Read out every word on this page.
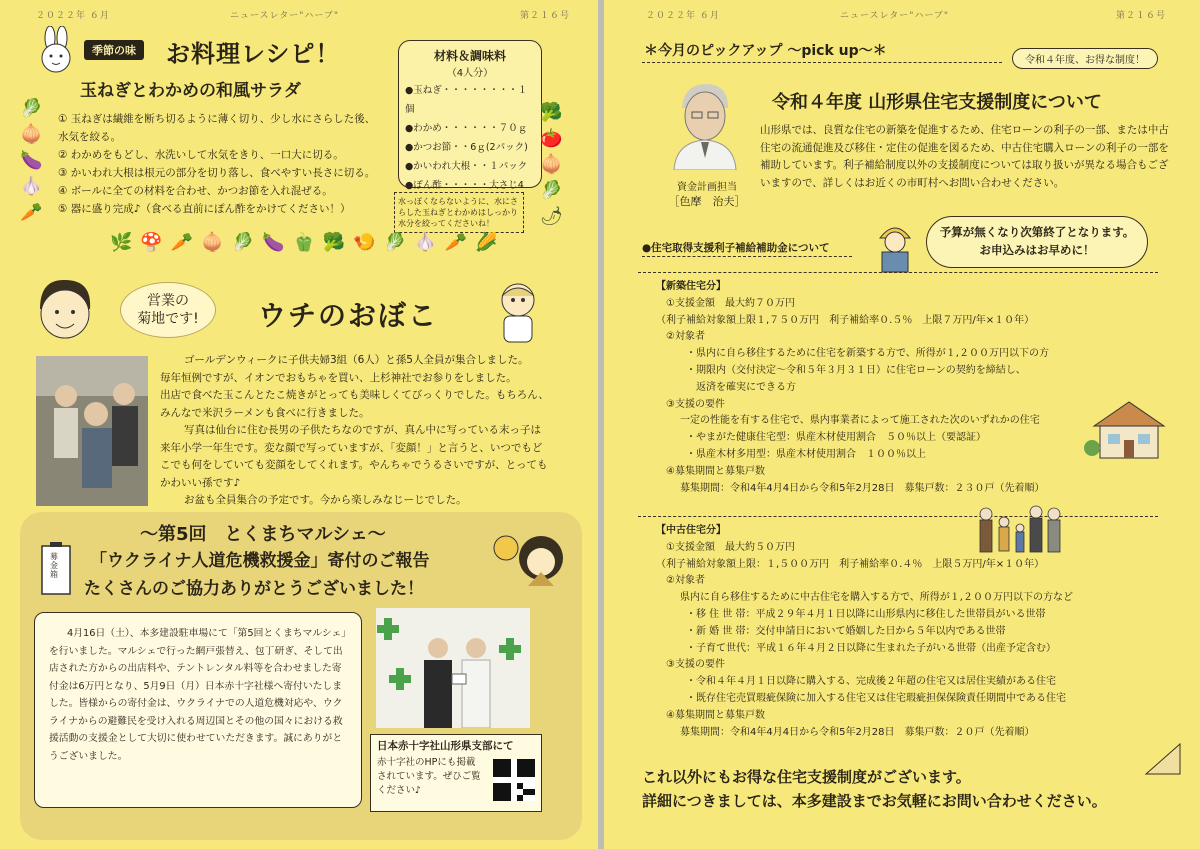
２０２２年 ６月	ニュースレター"ハーブ"	第２１６号
季節の味	お料理レシピ！
玉ねぎとわかめの和風サラダ
① 玉ねぎは繊維を断ち切るように薄く切り、少し水にさらした後、
水気を絞る。
② わかめをもどし、水洗いして水気をきり、一口大に切る。
③ かいわれ大根は根元の部分を切り落し、食べやすい長さに切る。
④ ボールに全ての材料を合わせ、かつお節を入れ混ぜる。
⑤ 器に盛り完成♪（食べる直前にぽん酢をかけてください！）
材料＆調味料
（4人分）
●玉ねぎ・・・・・・・・１個
●わかめ・・・・・・７０ｇ
●かつお節・・6ｇ(2パック)
●かいわれ大根・・１パック
●ぽん酢・・・・・大さじ4
水っぽくならないように、水にさらした玉ねぎとわかめはしっかり水分を絞ってくださいね！
🥬
🧅
🍆
🧄
🥕
🥦
🍅
🧅
🥬
🌶
🌿🍄🥕🧅🥬🍆🫑🥦🍤🥬🧄🥕🌽
営業の
菊地です!	ウチのおぼこ
ゴールデンウィークに子供夫婦3組（6人）と孫5人全員が集合しました。
毎年恒例ですが、イオンでおもちゃを買い、上杉神社でお参りをしました。
出店で食べた玉こんとたこ焼きがとっても美味しくてびっくりでした。もちろん、みんなで米沢ラーメンも食べに行きました。
写真は仙台に住む長男の子供たちなのですが、真ん中に写っている末っ子は来年小学一年生です。変な顔で写っていますが、「変顔！」と言うと、いつでもどこでも何をしていても変顔をしてくれます。やんちゃでうるさいですが、とってもかわいい孫です♪
お盆も全員集合の予定です。今から楽しみなじーじでした。
～第5回　とくまちマルシェ～
「ウクライナ人道危機救援金」寄付のご報告
たくさんのご協力ありがとうございました！
募金箱
4月16日（土）、本多建設駐車場にて「第5回とくまちマルシェ」を行いました。マルシェで行った網戸張替え、包丁研ぎ、そして出店された方からの出店料や、テントレンタル料等を合わせました寄付金は6万円となり、5月9日（月）日本赤十字社様へ寄付いたしました。皆様からの寄付金は、ウクライナでの人道危機対応や、ウクライナからの避難民を受け入れる周辺国とその他の国々における救援活動の支援金として大切に使わせていただきます。誠にありがとうございました。
日本赤十字社山形県支部にて
赤十字社のHPにも掲載されています。ぜひご覧ください♪
２０２２年 ６月	ニュースレター"ハーブ"	第２１６号
＊今月のピックアップ ～pick up～＊
令和４年度、お得な制度！
資金計画担当
［色摩　治夫］
令和４年度 山形県住宅支援制度について
山形県では、良質な住宅の新築を促進するため、住宅ローンの利子の一部、または中古住宅の流通促進及び移住・定住の促進を図るため、中古住宅購入ローンの利子の一部を補助しています。利子補給制度以外の支援制度については取り扱いが異なる場合もございますので、詳しくはお近くの市町村へお問い合わせください。
●住宅取得支援利子補給補助金について
予算が無くなり次第終了となります。
お申込みはお早めに！
【新築住宅分】
①支援金額　最大約７０万円
（利子補給対象額上限１,７５０万円　利子補給率０.５％　上限７万円/年×１０年）
②対象者
・県内に自ら移住するために住宅を新築する方で、所得が１,２００万円以下の方
・期限内（交付決定～令和５年３月３１日）に住宅ローンの契約を締結し、
返済を確実にできる方
③支援の要件
一定の性能を有する住宅で、県内事業者によって施工された次のいずれかの住宅
・やまがた健康住宅型：県産木材使用割合　５０％以上（要認証）
・県産木材多用型：県産木材使用割合　１００％以上
④募集期間と募集戸数
募集期間：令和4年4月4日から令和5年2月28日　募集戸数：２３０戸（先着順）
【中古住宅分】
①支援金額　最大約５０万円
（利子補給対象額上限：１,５００万円　利子補給率０.４％　上限５万円/年×１０年）
②対象者
県内に自ら移住するために中古住宅を購入する方で、所得が１,２００万円以下の方など
・移 住 世 帯：平成２９年４月１日以降に山形県内に移住した世帯員がいる世帯
・新 婚 世 帯：交付申請日において婚姻した日から５年以内である世帯
・子育て世代：平成１６年４月２日以降に生まれた子がいる世帯（出産予定含む）
③支援の要件
・令和４年４月１日以降に購入する、完成後２年超の住宅又は居住実績がある住宅
・既存住宅売買瑕疵保険に加入する住宅又は住宅瑕疵担保保険責任期間中である住宅
④募集期間と募集戸数
募集期間：令和4年4月4日から令和5年2月28日　募集戸数：２０戸（先着順）
これ以外にもお得な住宅支援制度がございます。
詳細につきましては、本多建設までお気軽にお問い合わせください。
